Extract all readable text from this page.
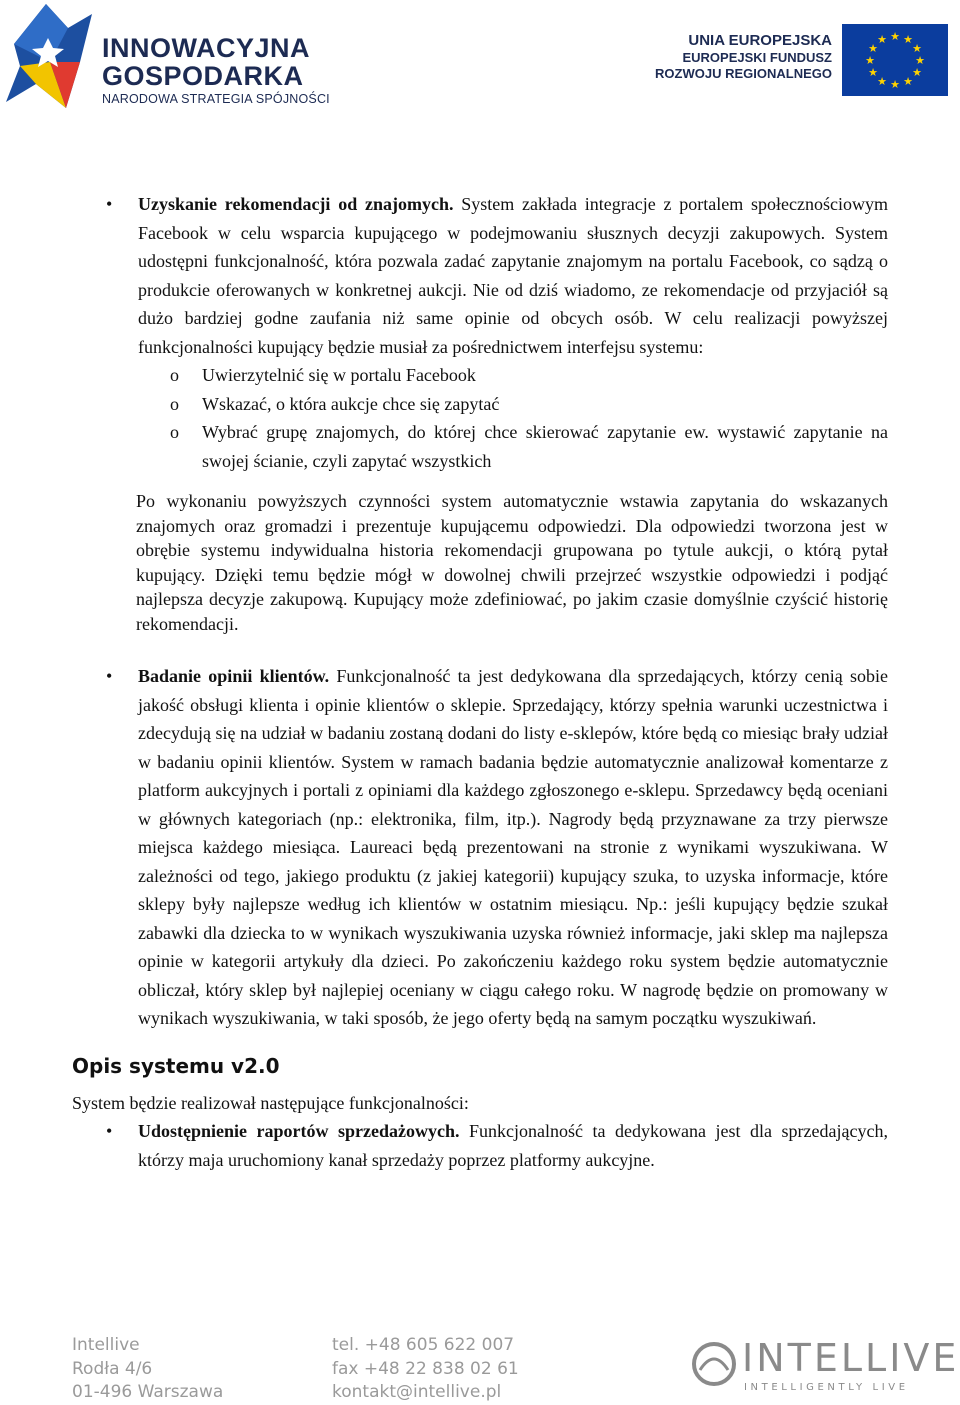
INNOWACYJNA
GOSPODARKA
NARODOWA STRATEGIA SPÓJNOŚCI
UNIA EUROPEJSKA
EUROPEJSKI FUNDUSZ
ROZWOJU REGIONALNEGO
★ ★
★
★
★
★
★
★
★
★
★
★

• Uzyskanie rekomendacji od znajomych. System zakłada integracje z portalem społecznościowym Facebook w celu wsparcia kupującego w podejmowaniu słusznych decyzji zakupowych. System udostępni funkcjonalność, która pozwala zadać zapytanie znajomym na portalu Facebook, co sądzą o produkcie oferowanych w konkretnej aukcji. Nie od dziś wiadomo, ze rekomendacje od przyjaciół są dużo bardziej godne zaufania niż same opinie od obcych osób. W celu realizacji powyższej funkcjonalności kupujący będzie musiał za pośrednictwem interfejsu systemu:

o Uwierzytelnić się w portalu Facebook

o Wskazać, o która aukcje chce się zapytać

o Wybrać grupę znajomych, do której chce skierować zapytanie ew. wystawić zapytanie na swojej ścianie, czyli zapytać wszystkich

Po wykonaniu powyższych czynności system automatycznie wstawia zapytania do wskazanych znajomych oraz gromadzi i prezentuje kupującemu odpowiedzi. Dla odpowiedzi tworzona jest w obrębie systemu indywidualna historia rekomendacji grupowana po tytule aukcji, o którą pytał kupujący. Dzięki temu będzie mógł w dowolnej chwili przejrzeć wszystkie odpowiedzi i podjąć najlepsza decyzje zakupową. Kupujący może zdefiniować, po jakim czasie domyślnie czyścić historię rekomendacji.

• Badanie opinii klientów. Funkcjonalność ta jest dedykowana dla sprzedających, którzy cenią sobie jakość obsługi klienta i opinie klientów o sklepie. Sprzedający, którzy spełnia warunki uczestnictwa i zdecydują się na udział w badaniu zostaną dodani do listy e-sklepów, które będą co miesiąc brały udział w badaniu opinii klientów. System w ramach badania będzie automatycznie analizował komentarze z platform aukcyjnych i portali z opiniami dla każdego zgłoszonego e-sklepu. Sprzedawcy będą oceniani w głównych kategoriach (np.: elektronika, film, itp.). Nagrody będą przyznawane za trzy pierwsze miejsca każdego miesiąca. Laureaci będą prezentowani na stronie z wynikami wyszukiwana. W zależności od tego, jakiego produktu (z jakiej kategorii) kupujący szuka, to uzyska informacje, które sklepy były najlepsze według ich klientów w ostatnim miesiącu. Np.: jeśli kupujący będzie szukał zabawki dla dziecka to w wynikach wyszukiwania uzyska również informacje, jaki sklep ma najlepsza opinie w kategorii artykuły dla dzieci. Po zakończeniu każdego roku system będzie automatycznie obliczał, który sklep był najlepiej oceniany w ciągu całego roku. W nagrodę będzie on promowany w wynikach wyszukiwania, w taki sposób, że jego oferty będą na samym początku wyszukiwań.

Opis systemu v2.0

System będzie realizował następujące funkcjonalności:

• Udostępnienie raportów sprzedażowych. Funkcjonalność ta dedykowana jest dla sprzedających, którzy maja uruchomiony kanał sprzedaży poprzez platformy aukcyjne.

Intellive
Rodła 4/6
01-496 Warszawa
tel. +48 605 622 007
fax +48 22 838 02 61
kontakt@intellive.pl
INTELLIVE
INTELLIGENTLY LIVE
